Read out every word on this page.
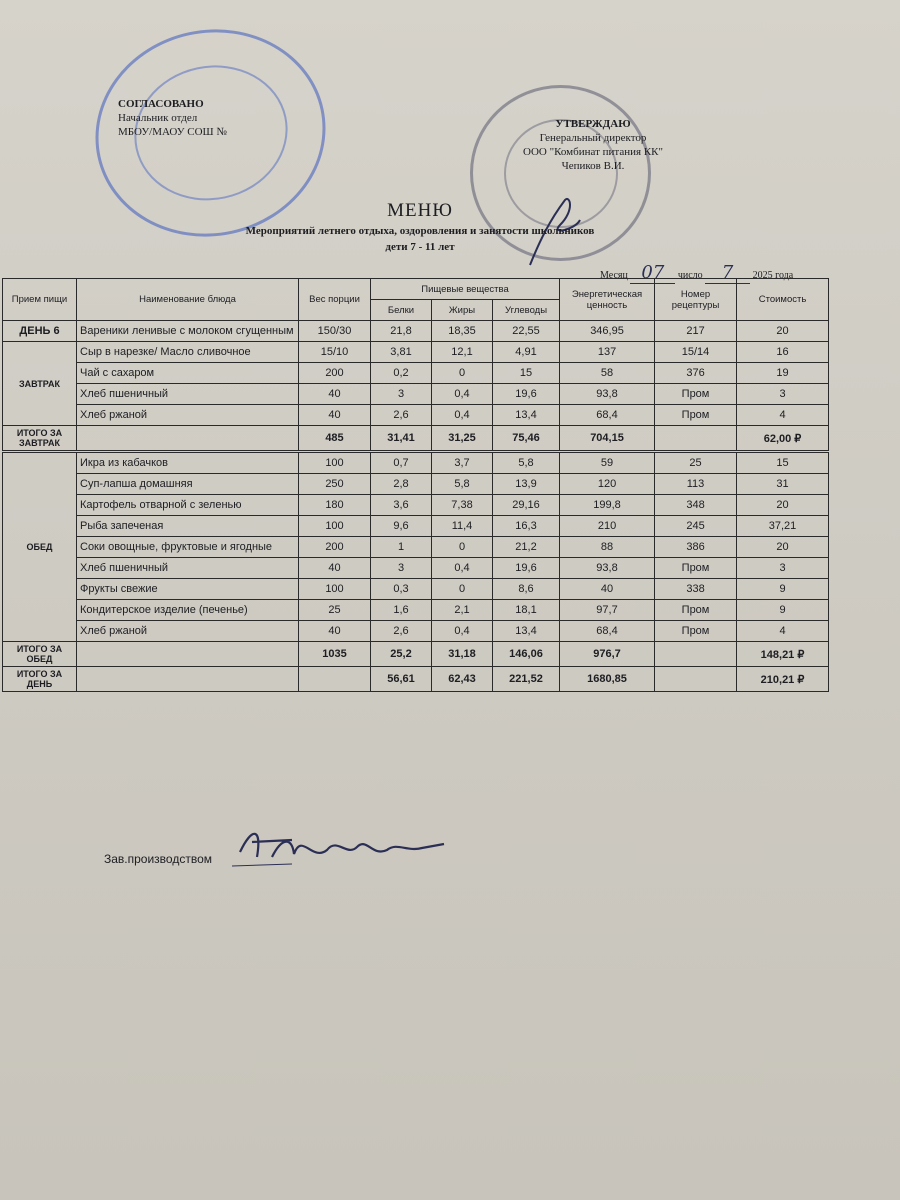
СОГЛАСОВАНО
Начальник отдел
МБОУ/МАОУ СОШ №
УТВЕРЖДАЮ
Генеральный директор
ООО "Комбинат питания КК"
Чепиков В.И.
МЕНЮ
Мероприятий летнего отдыха, оздоровления и занятости школьников
дети 7 - 11 лет
Месяц 07 число 7 2025 года
Прием пищи	Наименование блюда	Вес порции	Пищевые вещества			Энергетическая ценность	Номер рецептуры	Стоимость
			Белки	Жиры	Углеводы			
ДЕНЬ 6	Вареники ленивые с молоком сгущенным	150/30	21,8	18,35	22,55	346,95	217	20
ЗАВТРАК	Сыр в нарезке/ Масло сливочное	15/10	3,81	12,1	4,91	137	15/14	16
	Чай с сахаром	200	0,2	0	15	58	376	19
	Хлеб пшеничный	40	3	0,4	19,6	93,8	Пром	3
	Хлеб ржаной	40	2,6	0,4	13,4	68,4	Пром	4
ИТОГО ЗА ЗАВТРАК		485	31,41	31,25	75,46	704,15		62,00 ₽
ОБЕД	Икра из кабачков	100	0,7	3,7	5,8	59	25	15
	Суп-лапша домашняя	250	2,8	5,8	13,9	120	113	31
	Картофель отварной с зеленью	180	3,6	7,38	29,16	199,8	348	20
	Рыба запеченая	100	9,6	11,4	16,3	210	245	37,21
	Соки овощные, фруктовые и ягодные	200	1	0	21,2	88	386	20
	Хлеб пшеничный	40	3	0,4	19,6	93,8	Пром	3
	Фрукты свежие	100	0,3	0	8,6	40	338	9
	Кондитерское изделие (печенье)	25	1,6	2,1	18,1	97,7	Пром	9
	Хлеб ржаной	40	2,6	0,4	13,4	68,4	Пром	4
ИТОГО ЗА ОБЕД		1035	25,2	31,18	146,06	976,7		148,21 ₽
ИТОГО ЗА ДЕНЬ			56,61	62,43	221,52	1680,85		210,21 ₽
Зав.производством
